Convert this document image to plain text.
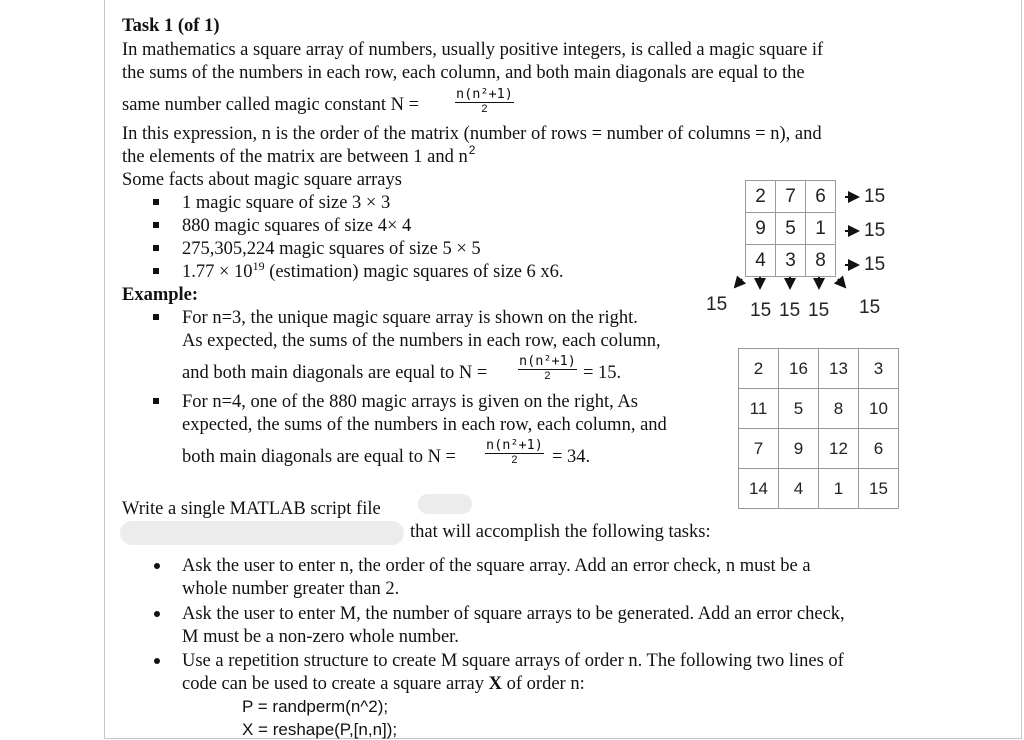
Task 1 (of 1)
In mathematics a square array of numbers, usually positive integers, is called a magic square if
the sums of the numbers in each row, each column, and both main diagonals are equal to the
same number called magic constant N =
n(n²+1)
2
In this expression, n is the order of the matrix (number of rows = number of columns = n), and
the elements of the matrix are between 1 and $n^2$
Some facts about magic square arrays
1 magic square of size 3 × 3
880 magic squares of size 4× 4
275,305,224 magic squares of size 5 × 5
$1.77 \times 10^{19}$ (estimation) magic squares of size 6 x6.
Example:
For n=3, the unique magic square array is shown on the right.
As expected, the sums of the numbers in each row, each column,
and both main diagonals are equal to N =
n(n²+1)
2	= 15.
For n=4, one of the 880 magic arrays is given on the right, As
expected, the sums of the numbers in each row, each column, and
both main diagonals are equal to N =
n(n²+1)
2	= 34.
2	7	6
9	5	1
4	3	8
15
15
15
15 15 15 15 15
2	16	13	3
11	5	8	10
7	9	12	6
14	4	1	15
Write a single MATLAB script file
that will accomplish the following tasks:
Ask the user to enter n, the order of the square array. Add an error check, n must be a
whole number greater than 2.
Ask the user to enter M, the number of square arrays to be generated. Add an error check,
M must be a non-zero whole number.
Use a repetition structure to create M square arrays of order n. The following two lines of
code can be used to create a square array X of order n:
P = randperm(n^2);
X = reshape(P,[n,n]);
